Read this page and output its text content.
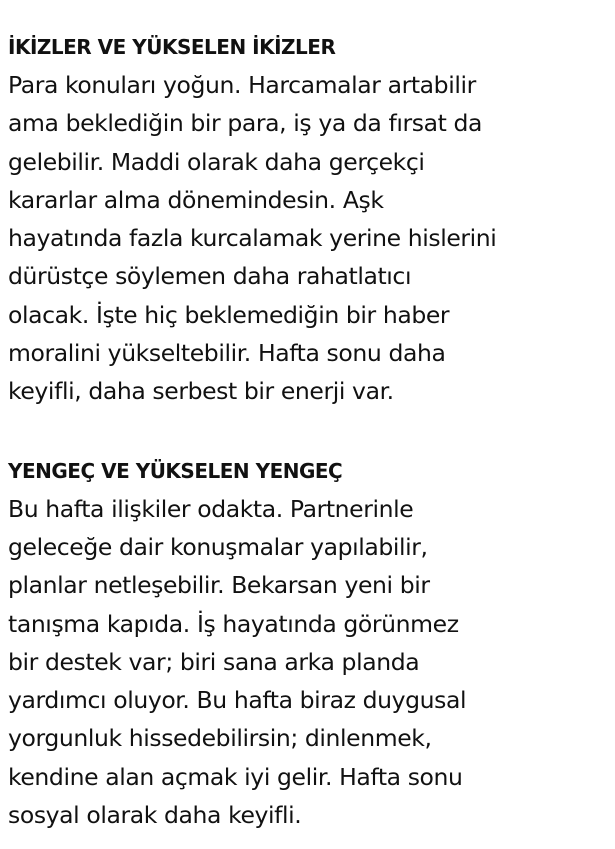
İKİZLER VE YÜKSELEN İKİZLER

Para konuları yoğun. Harcamalar artabilir
ama beklediğin bir para, iş ya da fırsat da
gelebilir. Maddi olarak daha gerçekçi
kararlar alma dönemindesin. Aşk
hayatında fazla kurcalamak yerine hislerini
dürüstçe söylemen daha rahatlatıcı
olacak. İşte hiç beklemediğin bir haber
moralini yükseltebilir. Hafta sonu daha
keyifli, daha serbest bir enerji var.

YENGEÇ VE YÜKSELEN YENGEÇ

Bu hafta ilişkiler odakta. Partnerinle
geleceğe dair konuşmalar yapılabilir,
planlar netleşebilir. Bekarsan yeni bir
tanışma kapıda. İş hayatında görünmez
bir destek var; biri sana arka planda
yardımcı oluyor. Bu hafta biraz duygusal
yorgunluk hissedebilirsin; dinlenmek,
kendine alan açmak iyi gelir. Hafta sonu
sosyal olarak daha keyifli.
